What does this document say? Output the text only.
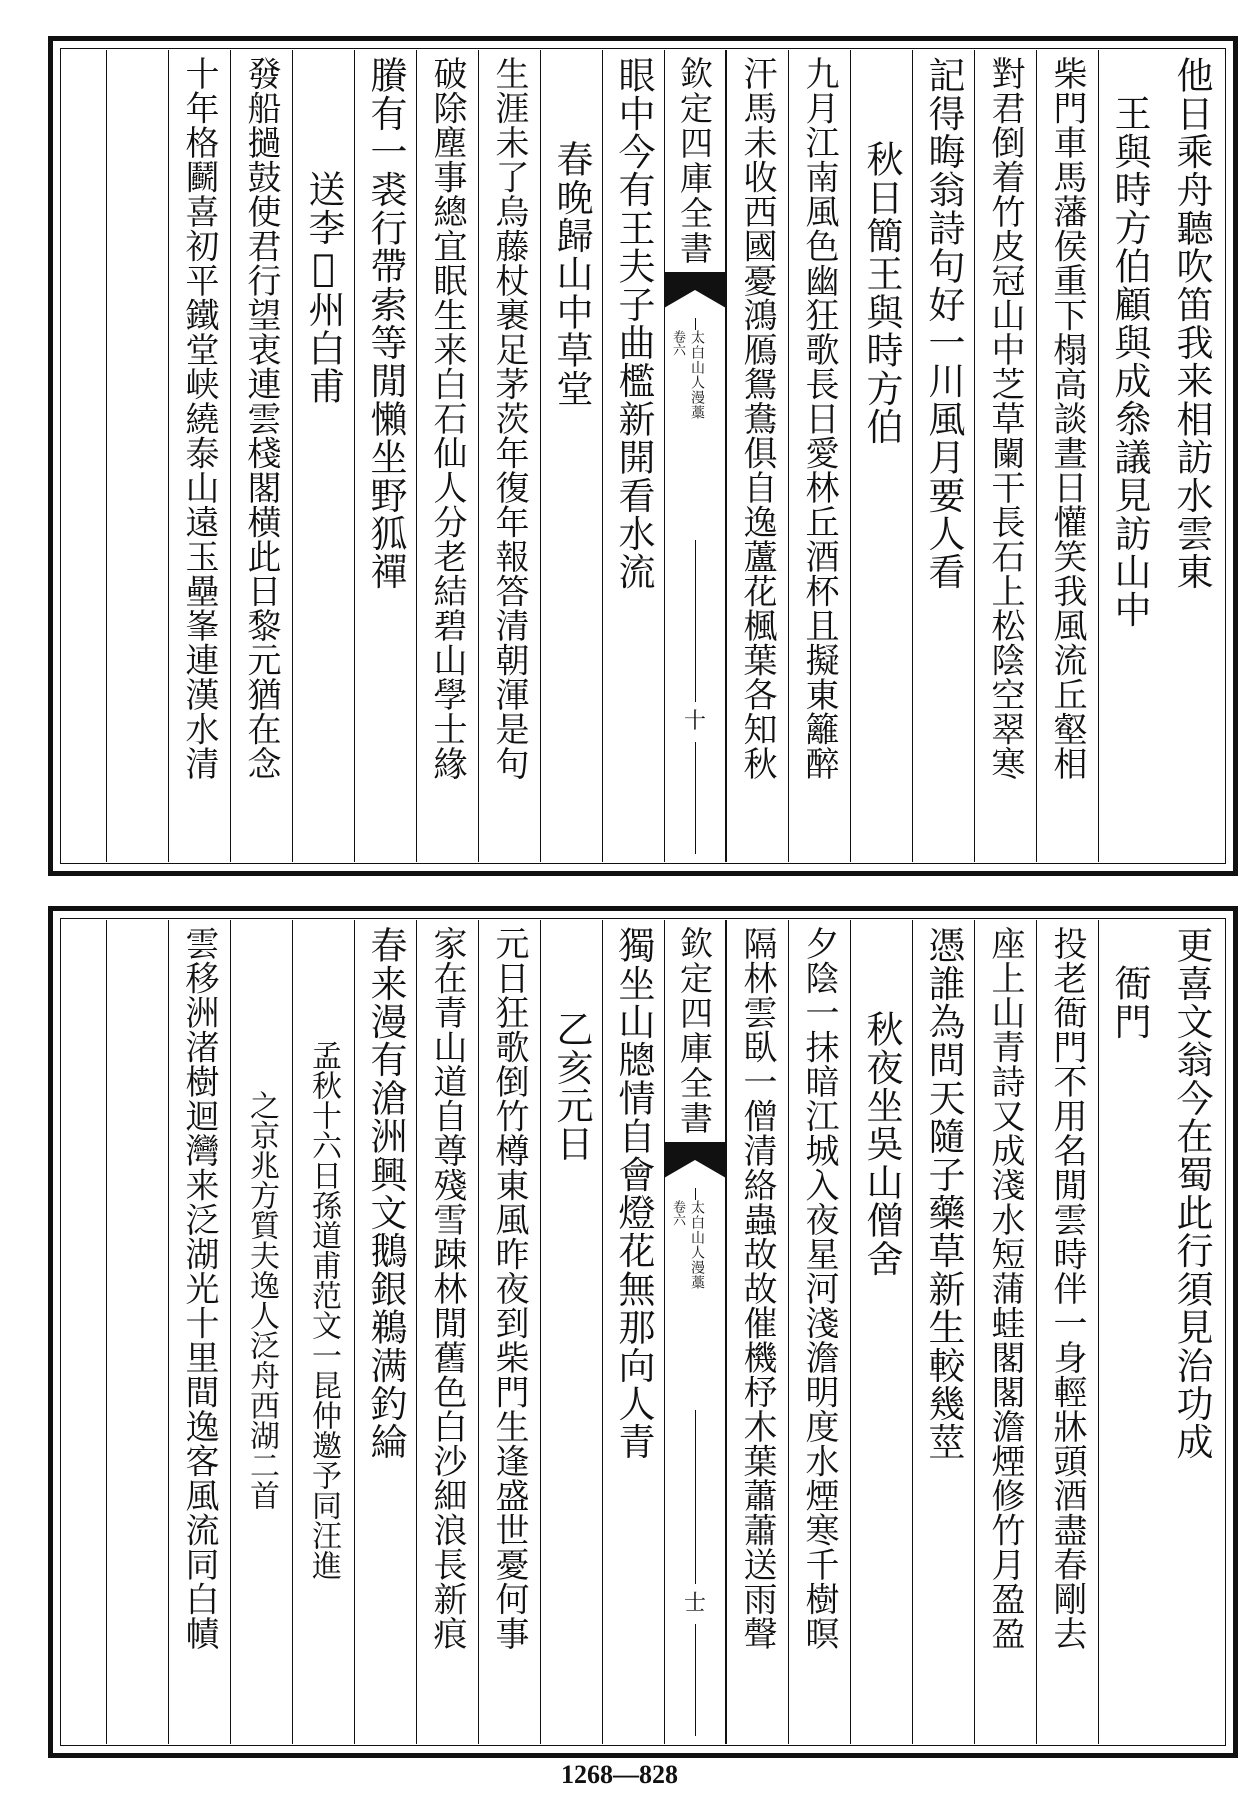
他日乘舟聽吹笛我来相訪水雲東
王與時方伯顧與成叅議見訪山中
柴門車馬藩侯重下榻高談晝日懽笑我風流丘壑相
對君倒着竹皮冠山中芝草闌干長石上松陰空翠寒
記得晦翁詩句好一川風月要人看
秋日簡王與時方伯
九月江南風色幽狂歌長日愛林丘酒杯且擬東籬醉
汗馬未收西國憂鴻鴈鴛鴦俱自逸蘆花楓葉各知秋
欽定四庫全書
太白山人漫藁
卷六
十
眼中今有王夫子曲檻新開看水流
春晚歸山中草堂
生涯未了烏藤杖裹足茅茨年復年報答清朝渾是句
破除塵事總宜眠生来白石仙人分老結碧山學士緣
賸有一裘行帶索等閒懶坐野狐禪
送李𥹬州白甫
發船撾鼓使君行望衷連雲棧閣横此日黎元猶在念
十年格鬬喜初平鐵堂峡繞泰山遠玉壘峯連漢水清
更喜文翁今在蜀此行須見治功成
衙門
投老衙門不用名閒雲時伴一身輕牀頭酒盡春剛去
座上山青詩又成淺水短蒲蛙閣閣澹煙修竹月盈盈
憑誰為問天隨子藥草新生較幾莖
秋夜坐吳山僧舍
夕陰一抹暗江城入夜星河淺澹明度水煙寒千樹暝
隔林雲臥一僧清絡蟲故故催機杼木葉蕭蕭送雨聲
欽定四庫全書
太白山人漫藁
卷六
士
獨坐山牕情自會燈花無那向人青
乙亥元日
元日狂歌倒竹樽東風昨夜到柴門生逢盛世憂何事
家在青山道自尊殘雪踈林閒舊色白沙細浪長新痕
春来漫有滄洲興文鵝銀鵜满釣綸
孟秋十六日孫道甫范文一昆仲邀予同汪進
之京兆方質夫逸人泛舟西湖二首
雲移洲渚樹迴灣来泛湖光十里間逸客風流同白幘
1268—828
